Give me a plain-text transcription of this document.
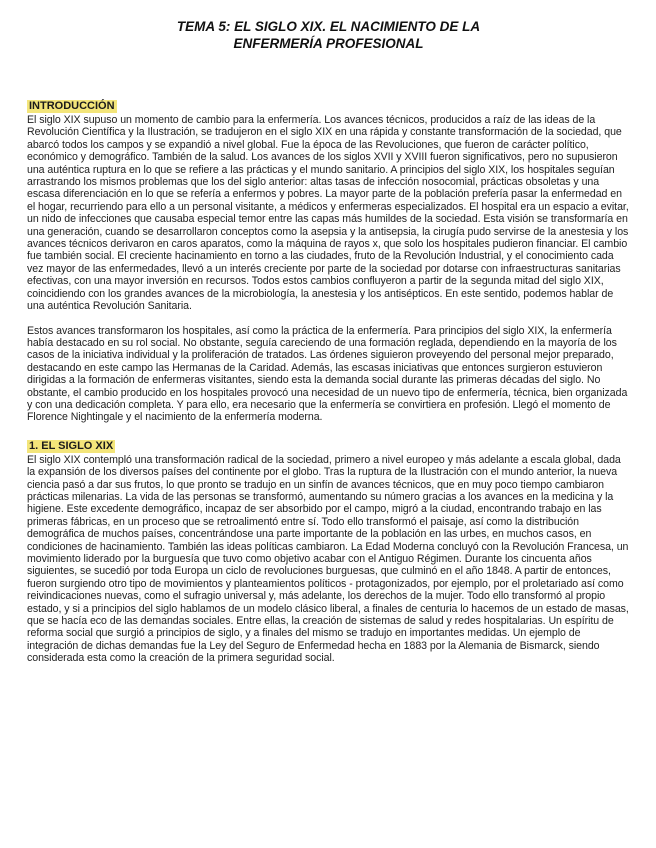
TEMA 5: EL SIGLO XIX. EL NACIMIENTO DE LA
ENFERMERÍA PROFESIONAL
INTRODUCCIÓN

El siglo XIX supuso un momento de cambio para la enfermería. Los avances técnicos, producidos a raíz de las ideas de la Revolución Científica y la Ilustración, se tradujeron en el siglo XIX en una rápida y constante transformación de la sociedad, que abarcó todos los campos y se expandió a nivel global. Fue la época de las Revoluciones, que fueron de carácter político, económico y demográfico. También de la salud. Los avances de los siglos XVII y XVIII fueron significativos, pero no supusieron una auténtica ruptura en lo que se refiere a las prácticas y el mundo sanitario. A principios del siglo XIX, los hospitales seguían arrastrando los mismos problemas que los del siglo anterior: altas tasas de infección nosocomial, prácticas obsoletas y una escasa diferenciación en lo que se refería a enfermos y pobres. La mayor parte de la población prefería pasar la enfermedad en el hogar, recurriendo para ello a un personal visitante, a médicos y enfermeras especializados. El hospital era un espacio a evitar, un nido de infecciones que causaba especial temor entre las capas más humildes de la sociedad. Esta visión se transformaría en una generación, cuando se desarrollaron conceptos como la asepsia y la antisepsia, la cirugía pudo servirse de la anestesia y los avances técnicos derivaron en caros aparatos, como la máquina de rayos x, que solo los hospitales pudieron financiar. El cambio fue también social. El creciente hacinamiento en torno a las ciudades, fruto de la Revolución Industrial, y el conocimiento cada vez mayor de las enfermedades, llevó a un interés creciente por parte de la sociedad por dotarse con infraestructuras sanitarias efectivas, con una mayor inversión en recursos. Todos estos cambios confluyeron a partir de la segunda mitad del siglo XIX, coincidiendo con los grandes avances de la microbiología, la anestesia y los antisépticos. En este sentido, podemos hablar de una auténtica Revolución Sanitaria.

Estos avances transformaron los hospitales, así como la práctica de la enfermería. Para principios del siglo XIX, la enfermería había destacado en su rol social. No obstante, seguía careciendo de una formación reglada, dependiendo en la mayoría de los casos de la iniciativa individual y la proliferación de tratados. Las órdenes siguieron proveyendo del personal mejor preparado, destacando en este campo las Hermanas de la Caridad. Además, las escasas iniciativas que entonces surgieron estuvieron dirigidas a la formación de enfermeras visitantes, siendo esta la demanda social durante las primeras décadas del siglo. No obstante, el cambio producido en los hospitales provocó una necesidad de un nuevo tipo de enfermería, técnica, bien organizada y con una dedicación completa. Y para ello, era necesario que la enfermería se convirtiera en profesión. Llegó el momento de Florence Nightingale y el nacimiento de la enfermería moderna.

1. EL SIGLO XIX

El siglo XIX contempló una transformación radical de la sociedad, primero a nivel europeo y más adelante a escala global, dada la expansión de los diversos países del continente por el globo. Tras la ruptura de la Ilustración con el mundo anterior, la nueva ciencia pasó a dar sus frutos, lo que pronto se tradujo en un sinfín de avances técnicos, que en muy poco tiempo cambiaron prácticas milenarias. La vida de las personas se transformó, aumentando su número gracias a los avances en la medicina y la higiene. Este excedente demográfico, incapaz de ser absorbido por el campo, migró a la ciudad, encontrando trabajo en las primeras fábricas, en un proceso que se retroalimentó entre sí. Todo ello transformó el paisaje, así como la distribución demográfica de muchos países, concentrándose una parte importante de la población en las urbes, en muchos casos, en condiciones de hacinamiento. También las ideas políticas cambiaron. La Edad Moderna concluyó con la Revolución Francesa, un movimiento liderado por la burguesía que tuvo como objetivo acabar con el Antiguo Régimen. Durante los cincuenta años siguientes, se sucedió por toda Europa un ciclo de revoluciones burguesas, que culminó en el año 1848. A partir de entonces, fueron surgiendo otro tipo de movimientos y planteamientos políticos - protagonizados, por ejemplo, por el proletariado así como reivindicaciones nuevas, como el sufragio universal y, más adelante, los derechos de la mujer. Todo ello transformó al propio estado, y si a principios del siglo hablamos de un modelo clásico liberal, a finales de centuria lo hacemos de un estado de masas, que se hacía eco de las demandas sociales. Entre ellas, la creación de sistemas de salud y redes hospitalarias. Un espíritu de reforma social que surgió a principios de siglo, y a finales del mismo se tradujo en importantes medidas. Un ejemplo de integración de dichas demandas fue la Ley del Seguro de Enfermedad hecha en 1883 por la Alemania de Bismarck, siendo considerada esta como la creación de la primera seguridad social.
